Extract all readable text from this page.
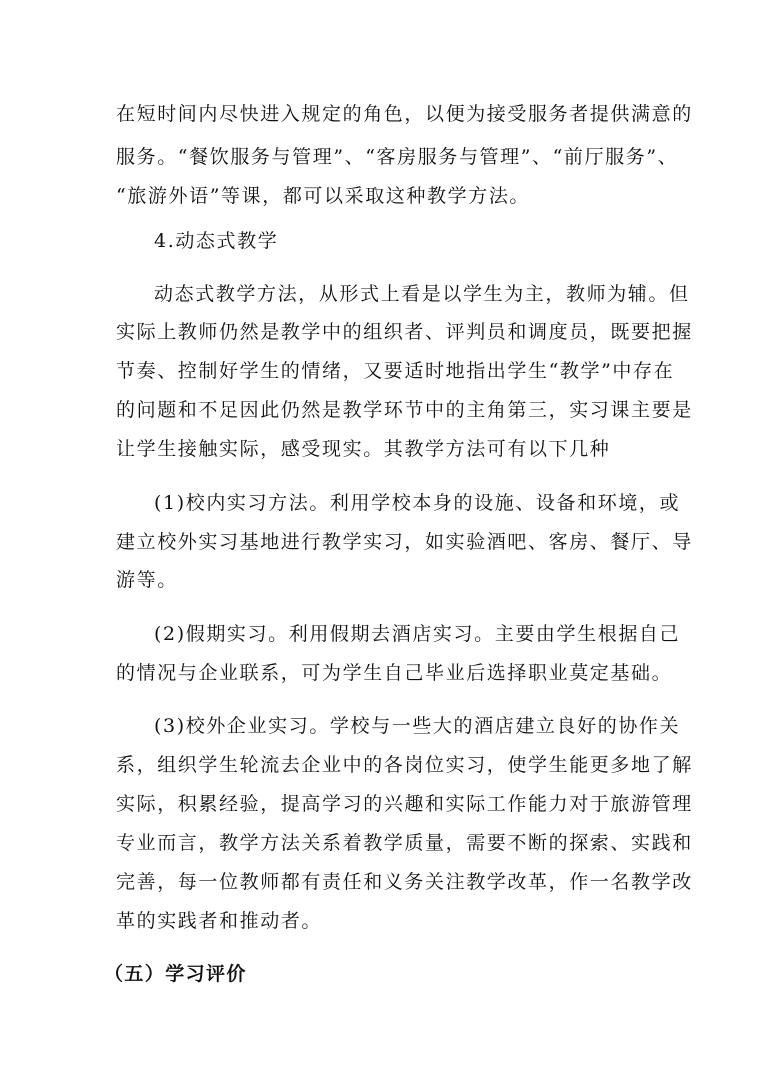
在短时间内尽快进入规定的角色，以便为接受服务者提供满意的
服务。“餐饮服务与管理”、“客房服务与管理”、“前厅服务”、
“旅游外语”等课，都可以采取这种教学方法。
4.动态式教学
动态式教学方法，从形式上看是以学生为主，教师为辅。但
实际上教师仍然是教学中的组织者、评判员和调度员，既要把握
节奏、控制好学生的情绪，又要适时地指出学生“教学”中存在
的问题和不足因此仍然是教学环节中的主角第三，实习课主要是
让学生接触实际，感受现实。其教学方法可有以下几种
(1)校内实习方法。利用学校本身的设施、设备和环境，或
建立校外实习基地进行教学实习，如实验酒吧、客房、餐厅、导
游等。
(2)假期实习。利用假期去酒店实习。主要由学生根据自己
的情况与企业联系，可为学生自己毕业后选择职业莫定基础。
(3)校外企业实习。学校与一些大的酒店建立良好的协作关
系，组织学生轮流去企业中的各岗位实习，使学生能更多地了解
实际，积累经验，提高学习的兴趣和实际工作能力对于旅游管理
专业而言，教学方法关系着教学质量，需要不断的探索、实践和
完善，每一位教师都有责任和义务关注教学改革，作一名教学改
革的实践者和推动者。
（五）学习评价
